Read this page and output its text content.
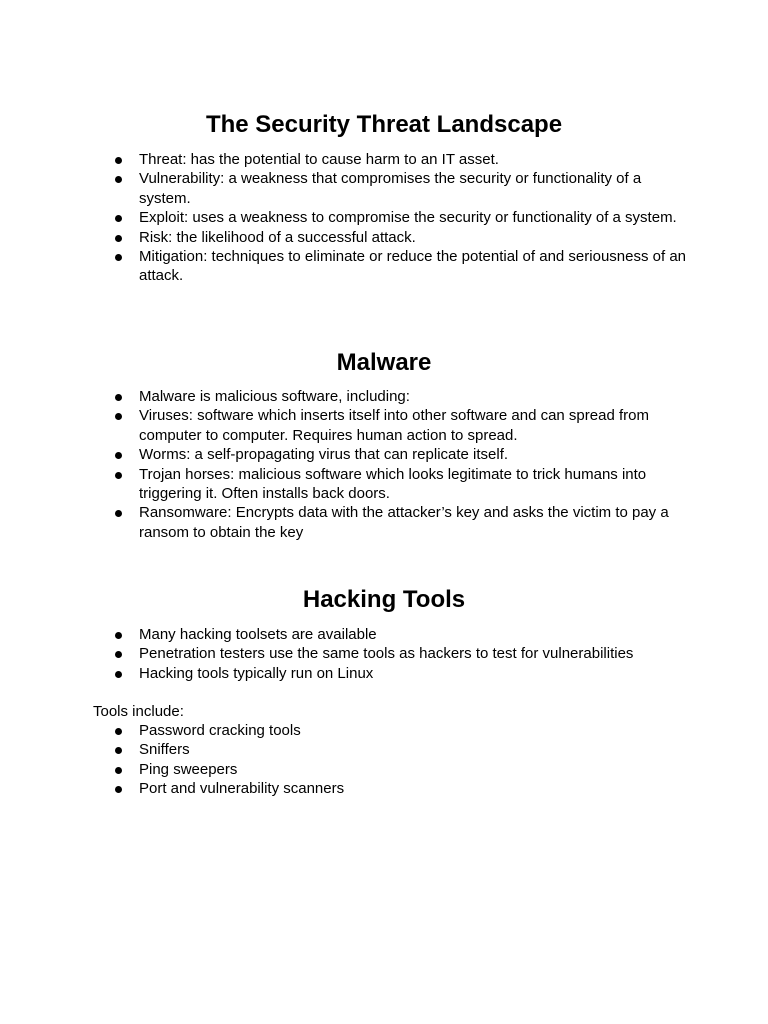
The Security Threat Landscape
Threat: has the potential to cause harm to an IT asset.
Vulnerability: a weakness that compromises the security or functionality of a system.
Exploit: uses a weakness to compromise the security or functionality of a system.
Risk: the likelihood of a successful attack.
Mitigation: techniques to eliminate or reduce the potential of and seriousness of an attack.
Malware
Malware is malicious software, including:
Viruses: software which inserts itself into other software and can spread from computer to computer. Requires human action to spread.
Worms: a self-propagating virus that can replicate itself.
Trojan horses: malicious software which looks legitimate to trick humans into triggering it. Often installs back doors.
Ransomware: Encrypts data with the attacker’s key and asks the victim to pay a ransom to obtain the key
Hacking Tools
Many hacking toolsets are available
Penetration testers use the same tools as hackers to test for vulnerabilities
Hacking tools typically run on Linux

Tools include:

Password cracking tools
Sniffers
Ping sweepers
Port and vulnerability scanners
